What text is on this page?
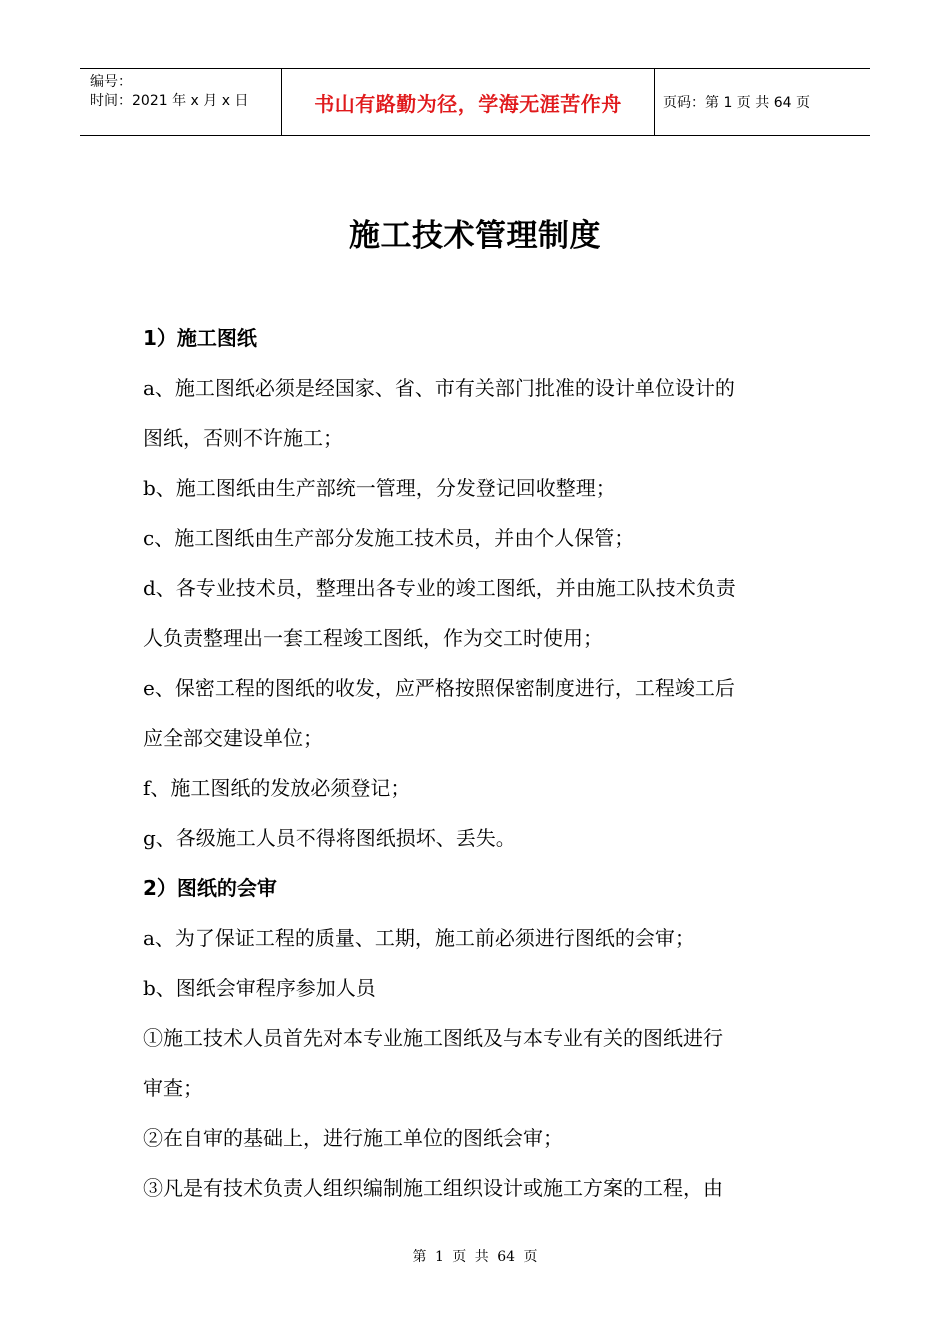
编号：
时间：2021 年 x 月 x 日	书山有路勤为径，学海无涯苦作舟	页码：第 1 页 共 64 页
施工技术管理制度

1）施工图纸

a、施工图纸必须是经国家、省、市有关部门批准的设计单位设计的

图纸，否则不许施工；

b、施工图纸由生产部统一管理，分发登记回收整理；

c、施工图纸由生产部分发施工技术员，并由个人保管；

d、各专业技术员，整理出各专业的竣工图纸，并由施工队技术负责

人负责整理出一套工程竣工图纸，作为交工时使用；

e、保密工程的图纸的收发，应严格按照保密制度进行，工程竣工后

应全部交建设单位；

f、施工图纸的发放必须登记；

g、各级施工人员不得将图纸损坏、丢失。

2）图纸的会审

a、为了保证工程的质量、工期，施工前必须进行图纸的会审；

b、图纸会审程序参加人员

①施工技术人员首先对本专业施工图纸及与本专业有关的图纸进行

审查；

②在自审的基础上，进行施工单位的图纸会审；

③凡是有技术负责人组织编制施工组织设计或施工方案的工程，由

第 1 页 共 64 页
